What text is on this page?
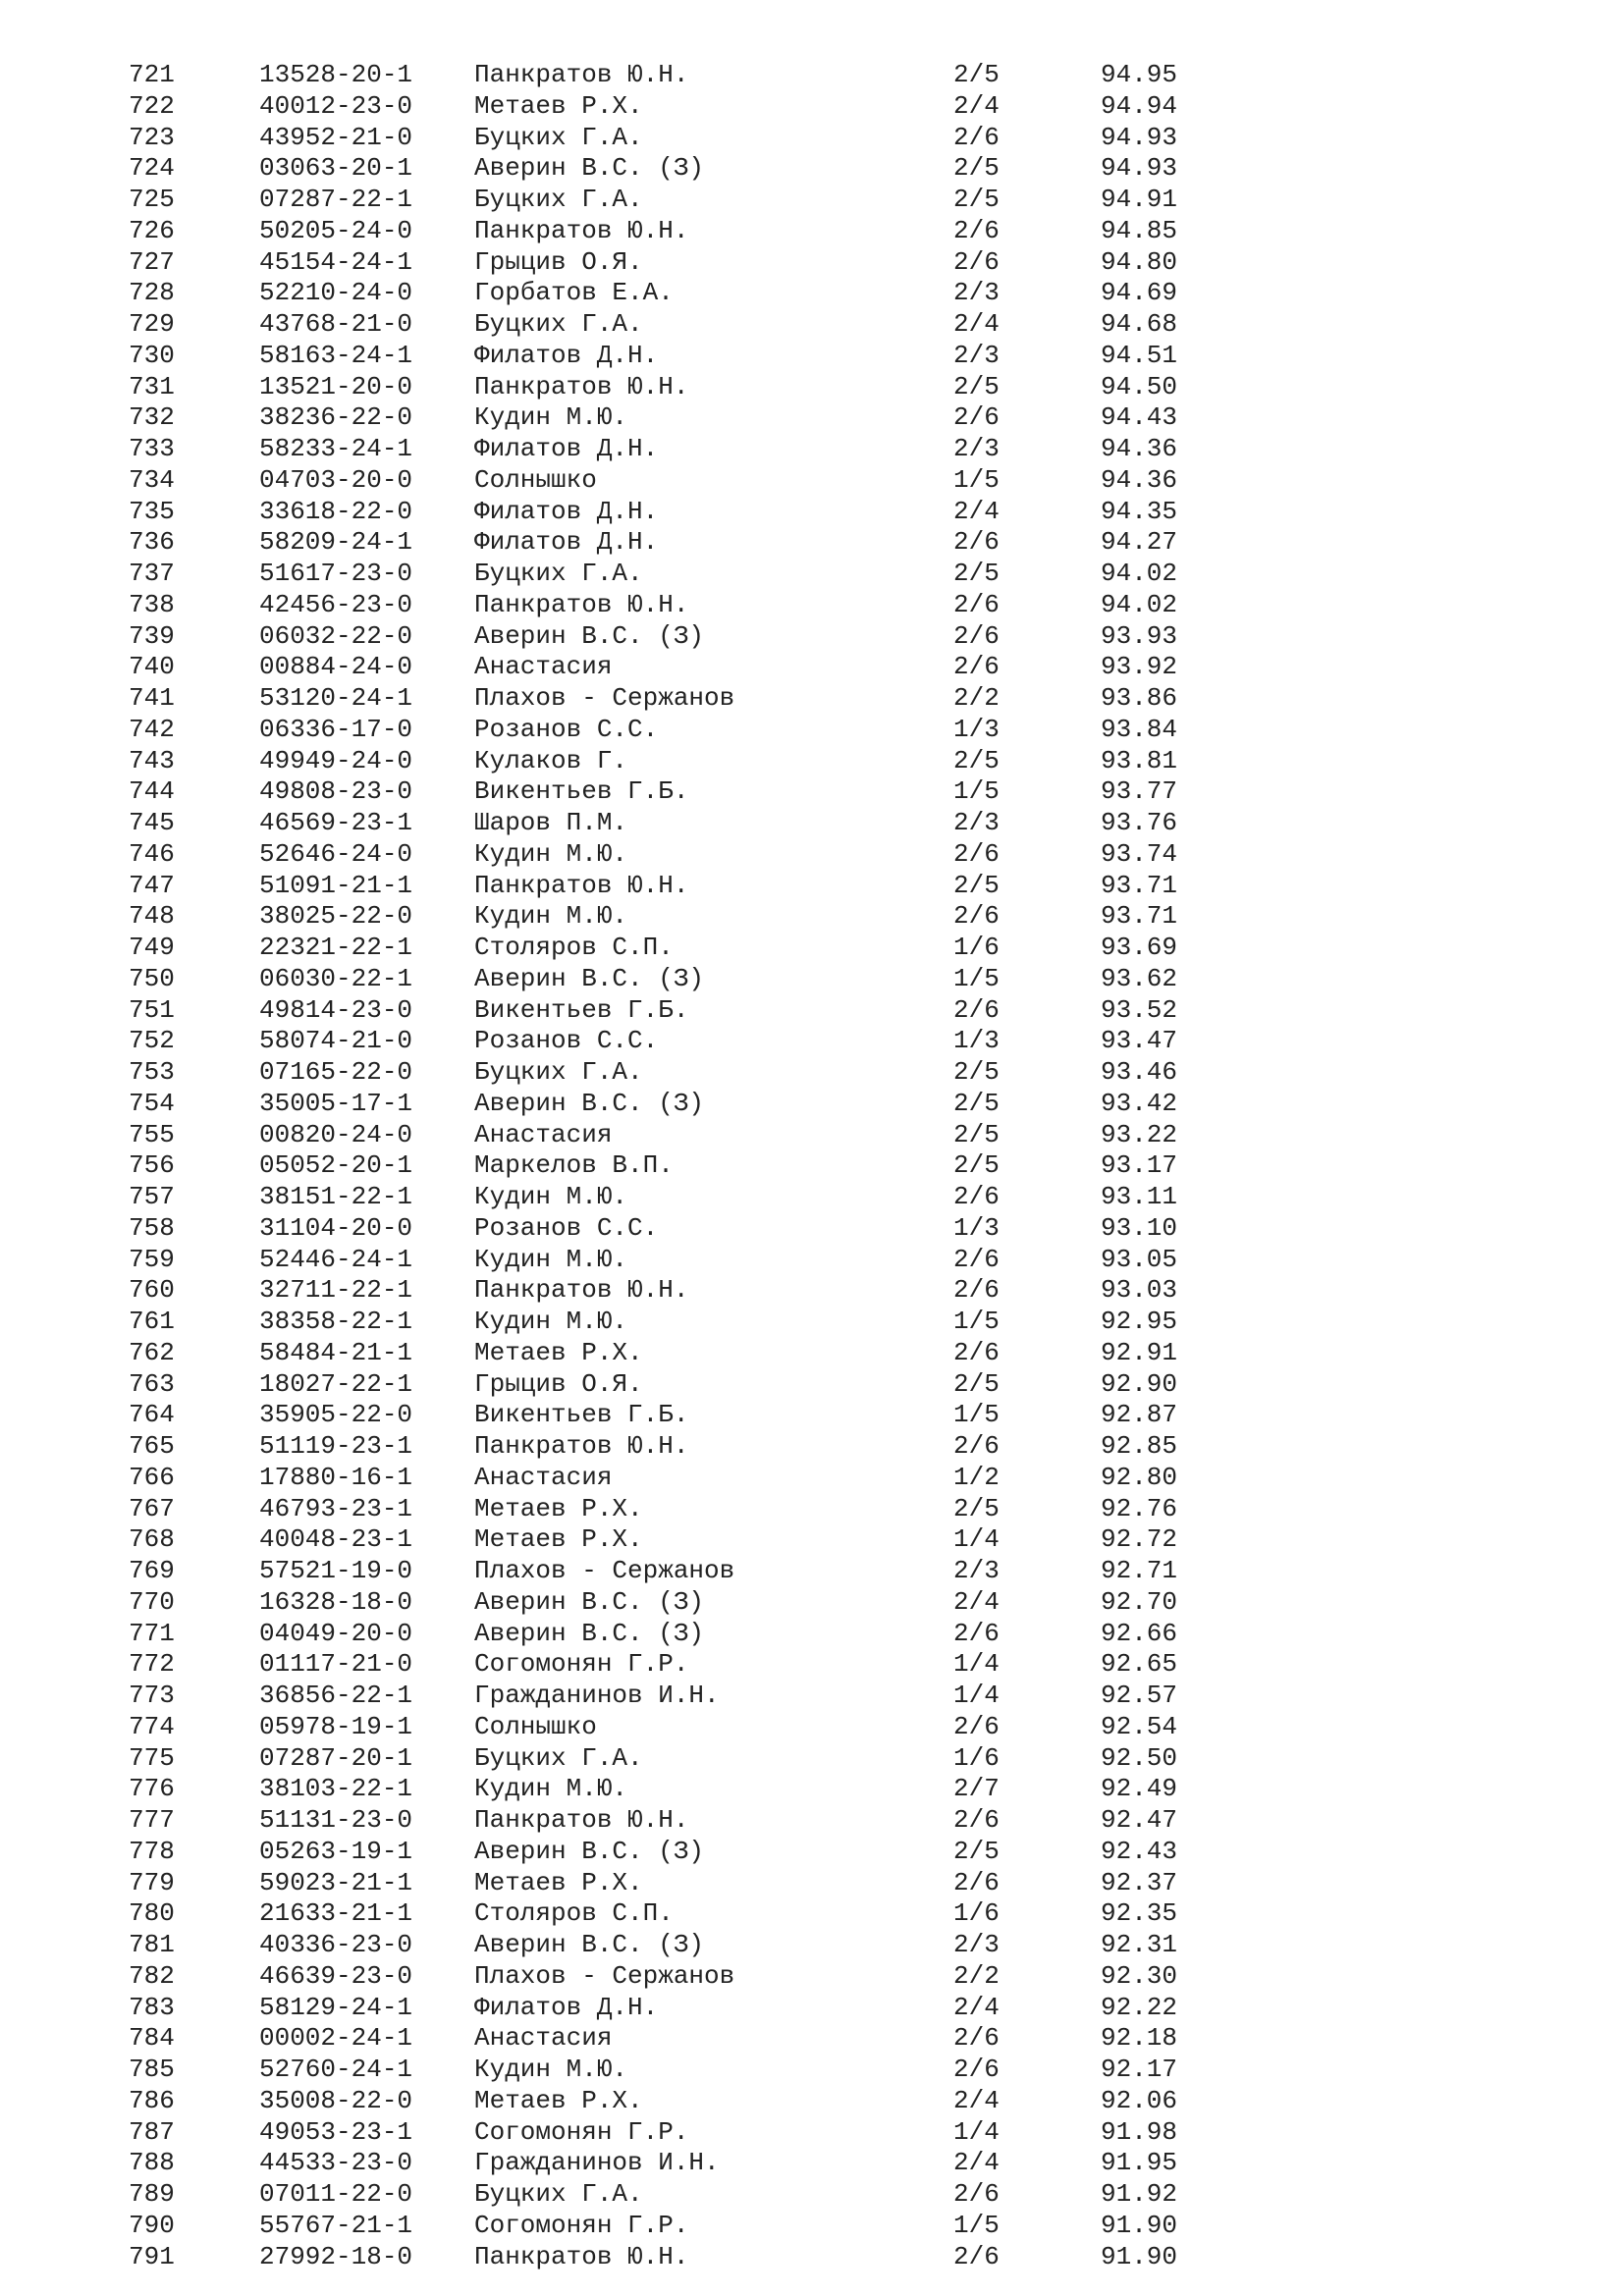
721	13528-20-1 Панкратов Ю.Н.	2/5	94.95
722	40012-23-0 Метаев Р.Х.	2/4	94.94
723	43952-21-0 Буцких Г.А.	2/6	94.93
724	03063-20-1 Аверин В.С. (З)	2/5	94.93
725	07287-22-1 Буцких Г.А.	2/5	94.91
726	50205-24-0 Панкратов Ю.Н.	2/6	94.85
727	45154-24-1 Грыцив О.Я.	2/6	94.80
728	52210-24-0 Горбатов Е.А.	2/3	94.69
729	43768-21-0 Буцких Г.А.	2/4	94.68
730	58163-24-1 Филатов Д.Н.	2/3	94.51
731	13521-20-0 Панкратов Ю.Н.	2/5	94.50
732	38236-22-0 Кудин М.Ю.	2/6	94.43
733	58233-24-1 Филатов Д.Н.	2/3	94.36
734	04703-20-0 Солнышко	1/5	94.36
735	33618-22-0 Филатов Д.Н.	2/4	94.35
736	58209-24-1 Филатов Д.Н.	2/6	94.27
737	51617-23-0 Буцких Г.А.	2/5	94.02
738	42456-23-0 Панкратов Ю.Н.	2/6	94.02
739	06032-22-0 Аверин В.С. (З)	2/6	93.93
740	00884-24-0 Анастасия	2/6	93.92
741	53120-24-1 Плахов - Сержанов	2/2	93.86
742	06336-17-0 Розанов С.С.	1/3	93.84
743	49949-24-0 Кулаков Г.	2/5	93.81
744	49808-23-0 Викентьев Г.Б.	1/5	93.77
745	46569-23-1 Шаров П.М.	2/3	93.76
746	52646-24-0 Кудин М.Ю.	2/6	93.74
747	51091-21-1 Панкратов Ю.Н.	2/5	93.71
748	38025-22-0 Кудин М.Ю.	2/6	93.71
749	22321-22-1 Столяров С.П.	1/6	93.69
750	06030-22-1 Аверин В.С. (З)	1/5	93.62
751	49814-23-0 Викентьев Г.Б.	2/6	93.52
752	58074-21-0 Розанов С.С.	1/3	93.47
753	07165-22-0 Буцких Г.А.	2/5	93.46
754	35005-17-1 Аверин В.С. (З)	2/5	93.42
755	00820-24-0 Анастасия	2/5	93.22
756	05052-20-1 Маркелов В.П.	2/5	93.17
757	38151-22-1 Кудин М.Ю.	2/6	93.11
758	31104-20-0 Розанов С.С.	1/3	93.10
759	52446-24-1 Кудин М.Ю.	2/6	93.05
760	32711-22-1 Панкратов Ю.Н.	2/6	93.03
761	38358-22-1 Кудин М.Ю.	1/5	92.95
762	58484-21-1 Метаев Р.Х.	2/6	92.91
763	18027-22-1 Грыцив О.Я.	2/5	92.90
764	35905-22-0 Викентьев Г.Б.	1/5	92.87
765	51119-23-1 Панкратов Ю.Н.	2/6	92.85
766	17880-16-1 Анастасия	1/2	92.80
767	46793-23-1 Метаев Р.Х.	2/5	92.76
768	40048-23-1 Метаев Р.Х.	1/4	92.72
769	57521-19-0 Плахов - Сержанов	2/3	92.71
770	16328-18-0 Аверин В.С. (З)	2/4	92.70
771	04049-20-0 Аверин В.С. (З)	2/6	92.66
772	01117-21-0 Согомонян Г.Р.	1/4	92.65
773	36856-22-1 Гражданинов И.Н.	1/4	92.57
774	05978-19-1 Солнышко	2/6	92.54
775	07287-20-1 Буцких Г.А.	1/6	92.50
776	38103-22-1 Кудин М.Ю.	2/7	92.49
777	51131-23-0 Панкратов Ю.Н.	2/6	92.47
778	05263-19-1 Аверин В.С. (З)	2/5	92.43
779	59023-21-1 Метаев Р.Х.	2/6	92.37
780	21633-21-1 Столяров С.П.	1/6	92.35
781	40336-23-0 Аверин В.С. (З)	2/3	92.31
782	46639-23-0 Плахов - Сержанов	2/2	92.30
783	58129-24-1 Филатов Д.Н.	2/4	92.22
784	00002-24-1 Анастасия	2/6	92.18
785	52760-24-1 Кудин М.Ю.	2/6	92.17
786	35008-22-0 Метаев Р.Х.	2/4	92.06
787	49053-23-1 Согомонян Г.Р.	1/4	91.98
788	44533-23-0 Гражданинов И.Н.	2/4	91.95
789	07011-22-0 Буцких Г.А.	2/6	91.92
790	55767-21-1 Согомонян Г.Р.	1/5	91.90
791	27992-18-0 Панкратов Ю.Н.	2/6	91.90
